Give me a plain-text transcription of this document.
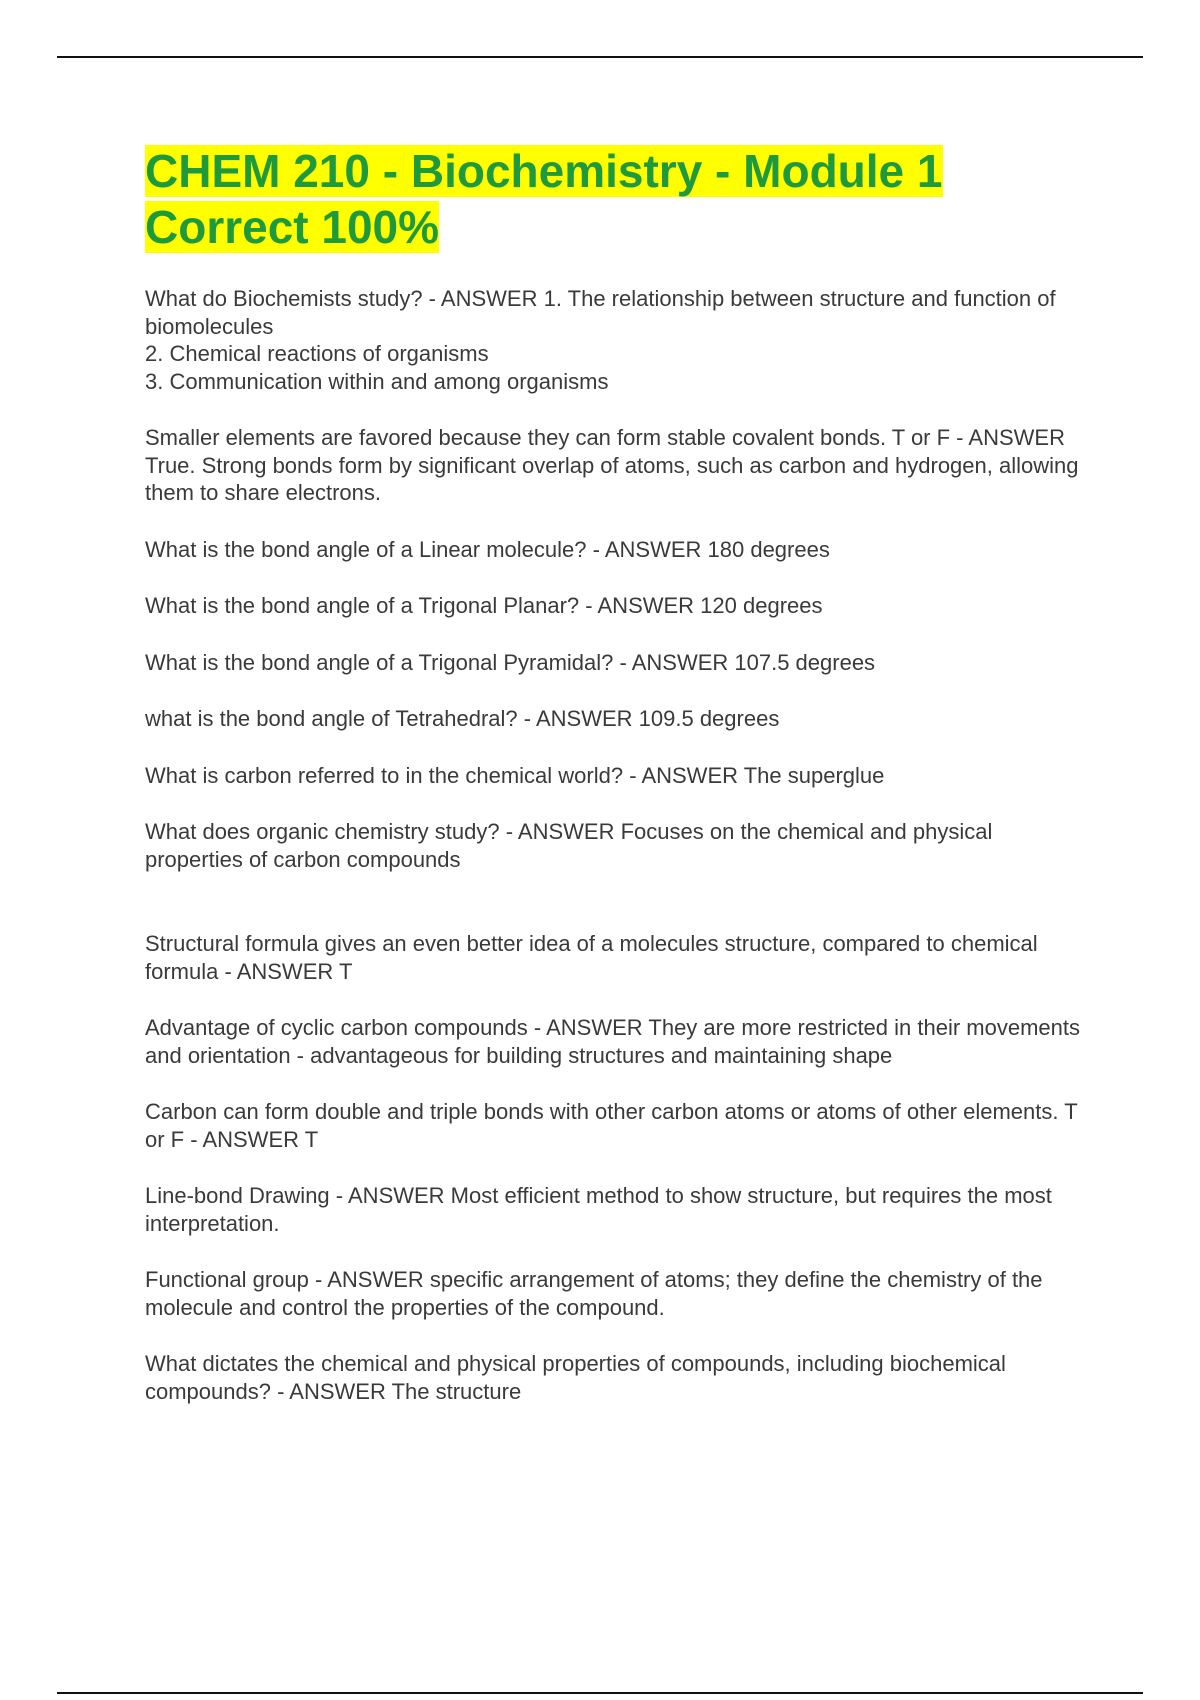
CHEM 210 - Biochemistry - Module 1
Correct 100%

What do Biochemists study? - ANSWER 1. The relationship between structure and function of biomolecules
2. Chemical reactions of organisms
3. Communication within and among organisms

Smaller elements are favored because they can form stable covalent bonds. T or F - ANSWER True. Strong bonds form by significant overlap of atoms, such as carbon and hydrogen, allowing them to share electrons.

What is the bond angle of a Linear molecule? - ANSWER 180 degrees

What is the bond angle of a Trigonal Planar? - ANSWER 120 degrees

What is the bond angle of a Trigonal Pyramidal? - ANSWER 107.5 degrees

what is the bond angle of Tetrahedral? - ANSWER 109.5 degrees

What is carbon referred to in the chemical world? - ANSWER The superglue

What does organic chemistry study? - ANSWER Focuses on the chemical and physical properties of carbon compounds

Structural formula gives an even better idea of a molecules structure, compared to chemical formula - ANSWER T

Advantage of cyclic carbon compounds - ANSWER They are more restricted in their movements and orientation - advantageous for building structures and maintaining shape

Carbon can form double and triple bonds with other carbon atoms or atoms of other elements. T or F - ANSWER T

Line-bond Drawing - ANSWER Most efficient method to show structure, but requires the most interpretation.

Functional group - ANSWER specific arrangement of atoms; they define the chemistry of the molecule and control the properties of the compound.

What dictates the chemical and physical properties of compounds, including biochemical compounds? - ANSWER The structure
